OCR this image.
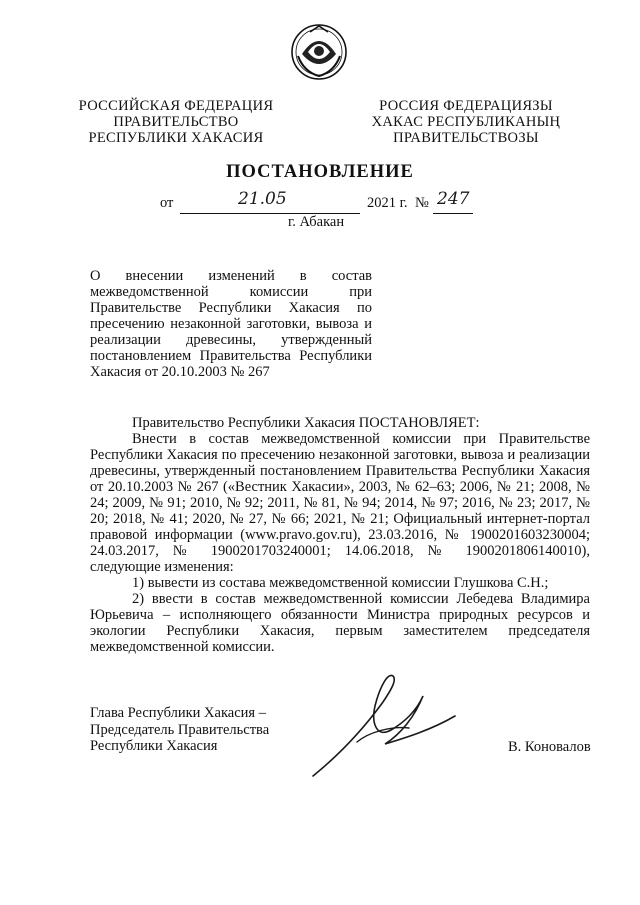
РОССИЙСКАЯ ФЕДЕРАЦИЯ
ПРАВИТЕЛЬСТВО
РЕСПУБЛИКИ ХАКАСИЯ
РОССИЯ ФЕДЕРАЦИЯЗЫ
ХАКАС РЕСПУБЛИКАНЫҢ
ПРАВИТЕЛЬСТВОЗЫ
ПОСТАНОВЛЕНИЕ
от	21.05	2021 г. № 247
г. Абакан
О внесении изменений в состав межведомственной комиссии при Правительстве Республики Хакасия по пресечению незаконной заготовки, вывоза и реализации древесины, утвержденный постановлением Правительства Республики Хакасия от 20.10.2003 № 267

Правительство Республики Хакасия ПОСТАНОВЛЯЕТ:

Внести в состав межведомственной комиссии при Правительстве Республики Хакасия по пресечению незаконной заготовки, вывоза и реализации древесины, утвержденный постановлением Правительства Республики Хакасия от 20.10.2003 № 267 («Вестник Хакасии», 2003, № 62–63; 2006, № 21; 2008, № 24; 2009, № 91; 2010, № 92; 2011, № 81, № 94; 2014, № 97; 2016, № 23; 2017, № 20; 2018, № 41; 2020, № 27, № 66; 2021, № 21; Официальный интернет-портал правовой информации (www.pravo.gov.ru), 23.03.2016, № 1900201603230004; 24.03.2017, № 1900201703240001; 14.06.2018, № 1900201806140010), следующие изменения:

1) вывести из состава межведомственной комиссии Глушкова С.Н.;

2) ввести в состав межведомственной комиссии Лебедева Владимира Юрьевича – исполняющего обязанности Министра природных ресурсов и экологии Республики Хакасия, первым заместителем председателя межведомственной комиссии.

Глава Республики Хакасия –
Председатель Правительства
Республики Хакасия	В. Коновалов
